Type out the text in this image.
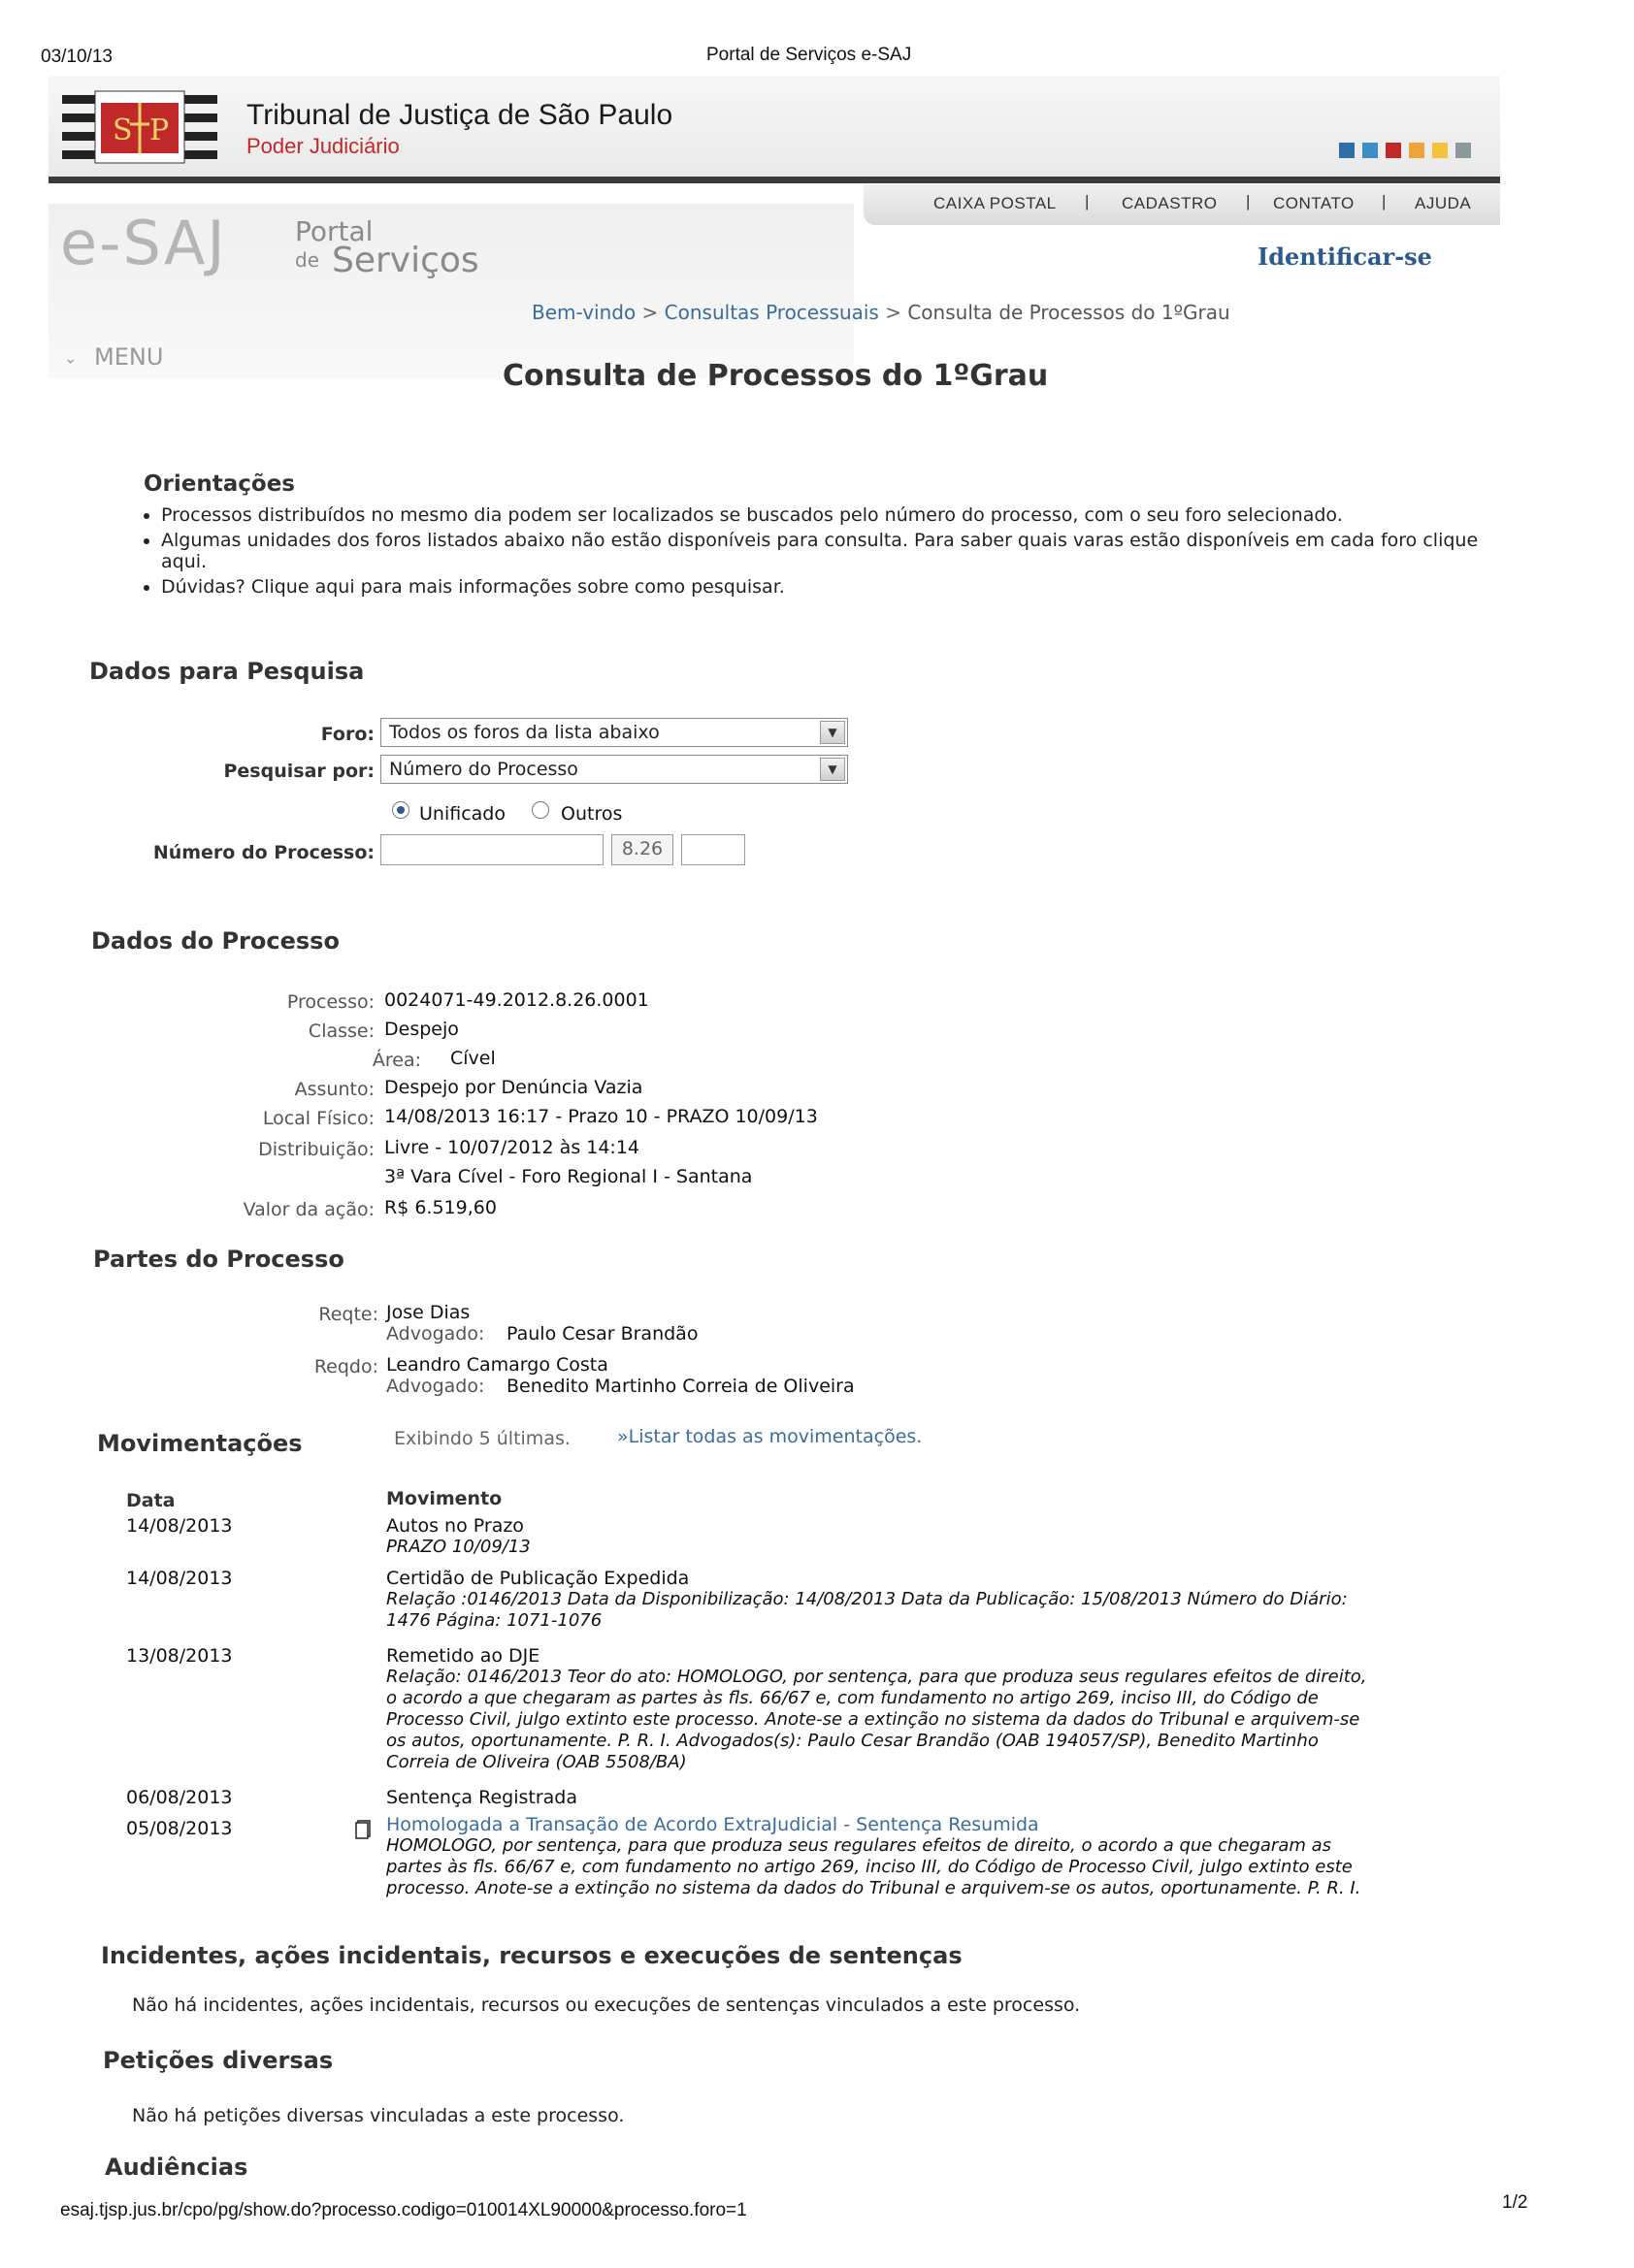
03/10/13	Portal de Serviços e-SAJ
S P	Tribunal de Justiça de São Paulo
Poder Judiciário
CAIXA POSTAL | CADASTRO | CONTATO | AJUDA
e-SAJ	Portal
de Serviços	Identificar-se
Bem-vindo > Consultas Processuais > Consulta de Processos do 1ºGrau
⌄ MENU
Consulta de Processos do 1ºGrau
Orientações
• Processos distribuídos no mesmo dia podem ser localizados se buscados pelo número do processo, com o seu foro selecionado.
• Algumas unidades dos foros listados abaixo não estão disponíveis para consulta. Para saber quais varas estão disponíveis em cada foro clique aqui.
• Dúvidas? Clique aqui para mais informações sobre como pesquisar.
Dados para Pesquisa
Foro: Todos os foros da lista abaixo	▼
Pesquisar por: Número do Processo	▼
Unificado	Outros
Número do Processo:	8.26
Dados do Processo
Processo: 0024071-49.2012.8.26.0001
Classe: Despejo
Área: Cível
Assunto: Despejo por Denúncia Vazia
Local Físico: 14/08/2013 16:17 - Prazo 10 - PRAZO 10/09/13
Distribuição: Livre - 10/07/2012 às 14:14
3ª Vara Cível - Foro Regional I - Santana
Valor da ação: R$ 6.519,60
Partes do Processo
Reqte: Jose Dias
Advogado: Paulo Cesar Brandão
Reqdo: Leandro Camargo Costa
Advogado: Benedito Martinho Correia de Oliveira
Movimentações	Exibindo 5 últimas.	»Listar todas as movimentações.
Data	Movimento
14/08/2013	Autos no Prazo
PRAZO 10/09/13
14/08/2013	Certidão de Publicação Expedida
Relação :0146/2013 Data da Disponibilização: 14/08/2013 Data da Publicação: 15/08/2013 Número do Diário:
1476 Página: 1071-1076
13/08/2013	Remetido ao DJE
Relação: 0146/2013 Teor do ato: HOMOLOGO, por sentença, para que produza seus regulares efeitos de direito,
o acordo a que chegaram as partes às fls. 66/67 e, com fundamento no artigo 269, inciso III, do Código de
Processo Civil, julgo extinto este processo. Anote-se a extinção no sistema da dados do Tribunal e arquivem-se
os autos, oportunamente. P. R. I. Advogados(s): Paulo Cesar Brandão (OAB 194057/SP), Benedito Martinho
Correia de Oliveira (OAB 5508/BA)
06/08/2013	Sentença Registrada
05/08/2013	Homologada a Transação de Acordo ExtraJudicial - Sentença Resumida
HOMOLOGO, por sentença, para que produza seus regulares efeitos de direito, o acordo a que chegaram as
partes às fls. 66/67 e, com fundamento no artigo 269, inciso III, do Código de Processo Civil, julgo extinto este
processo. Anote-se a extinção no sistema da dados do Tribunal e arquivem-se os autos, oportunamente. P. R. I.
Incidentes, ações incidentais, recursos e execuções de sentenças
Não há incidentes, ações incidentais, recursos ou execuções de sentenças vinculados a este processo.
Petições diversas
Não há petições diversas vinculadas a este processo.
Audiências
esaj.tjsp.jus.br/cpo/pg/show.do?processo.codigo=010014XL90000&processo.foro=1	1/2
